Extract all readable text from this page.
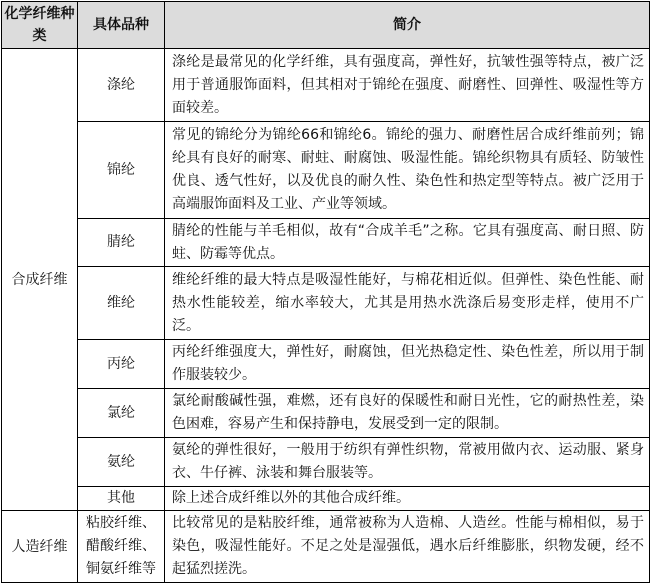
化学纤维种类	具体品种	简介
合成纤维	涤纶	涤纶是最常见的化学纤维，具有强度高，弹性好，抗皱性强等特点，被广泛用于普通服饰面料，但其相对于锦纶在强度、耐磨性、回弹性、吸湿性等方面较差。
	锦纶	常见的锦纶分为锦纶66和锦纶6。锦纶的强力、耐磨性居合成纤维前列；锦纶具有良好的耐寒、耐蛀、耐腐蚀、吸湿性能。锦纶织物具有质轻、防皱性优良、透气性好，以及优良的耐久性、染色性和热定型等特点。被广泛用于高端服饰面料及工业、产业等领域。
	腈纶	腈纶的性能与羊毛相似，故有“合成羊毛”之称。它具有强度高、耐日照、防蛀、防霉等优点。
	维纶	维纶纤维的最大特点是吸湿性能好，与棉花相近似。但弹性、染色性能、耐热水性能较差，缩水率较大，尤其是用热水洗涤后易变形走样，使用不广泛。
	丙纶	丙纶纤维强度大，弹性好，耐腐蚀，但光热稳定性、染色性差，所以用于制作服装较少。
	氯纶	氯纶耐酸碱性强，难燃，还有良好的保暖性和耐日光性，它的耐热性差，染色困难，容易产生和保持静电，发展受到一定的限制。
	氨纶	氨纶的弹性很好，一般用于纺织有弹性织物，常被用做内衣、运动服、紧身衣、牛仔裤、泳装和舞台服装等。
	其他	除上述合成纤维以外的其他合成纤维。
人造纤维	粘胶纤维、醋酸纤维、铜氨纤维等	比较常见的是粘胶纤维，通常被称为人造棉、人造丝。性能与棉相似，易于染色，吸湿性能好。不足之处是湿强低，遇水后纤维膨胀，织物发硬，经不起猛烈搓洗。
